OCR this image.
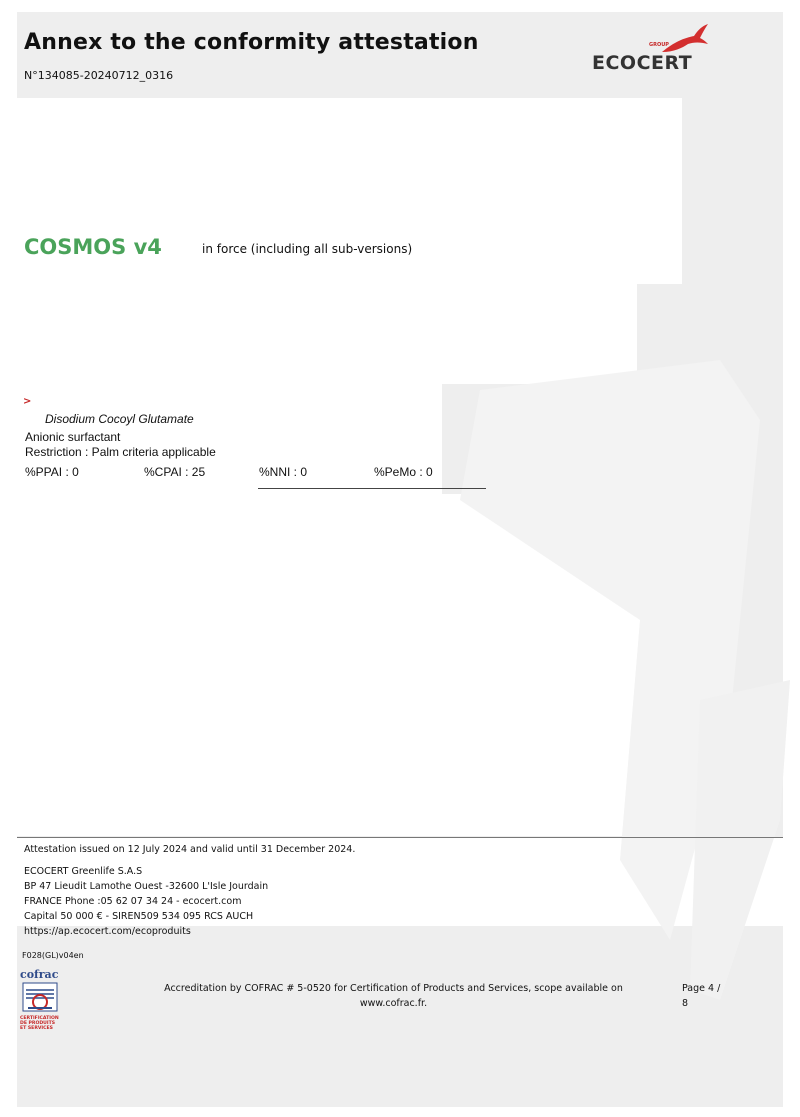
Annex to the conformity attestation
N°134085-20240712_0316
GROUP
ECOCERT
COSMOS v4	in force (including all sub-versions)
>
Disodium Cocoyl Glutamate
Anionic surfactant
Restriction : Palm criteria applicable
%PPAI : 0	%CPAI : 25	%NNI : 0	%PeMo : 0
Attestation issued on 12 July 2024 and valid until 31 December 2024.
ECOCERT Greenlife S.A.S
BP 47 Lieudit Lamothe Ouest -32600 L'Isle Jourdain
FRANCE Phone :05 62 07 34 24 - ecocert.com
Capital 50 000 € - SIREN509 534 095 RCS AUCH
https://ap.ecocert.com/ecoproduits
F028(GL)v04en
cofrac
CERTIFICATION DE PRODUITS ET SERVICES
Accreditation by COFRAC # 5-0520 for Certification of Products and Services, scope available on
www.cofrac.fr.
Page 4 /
8
